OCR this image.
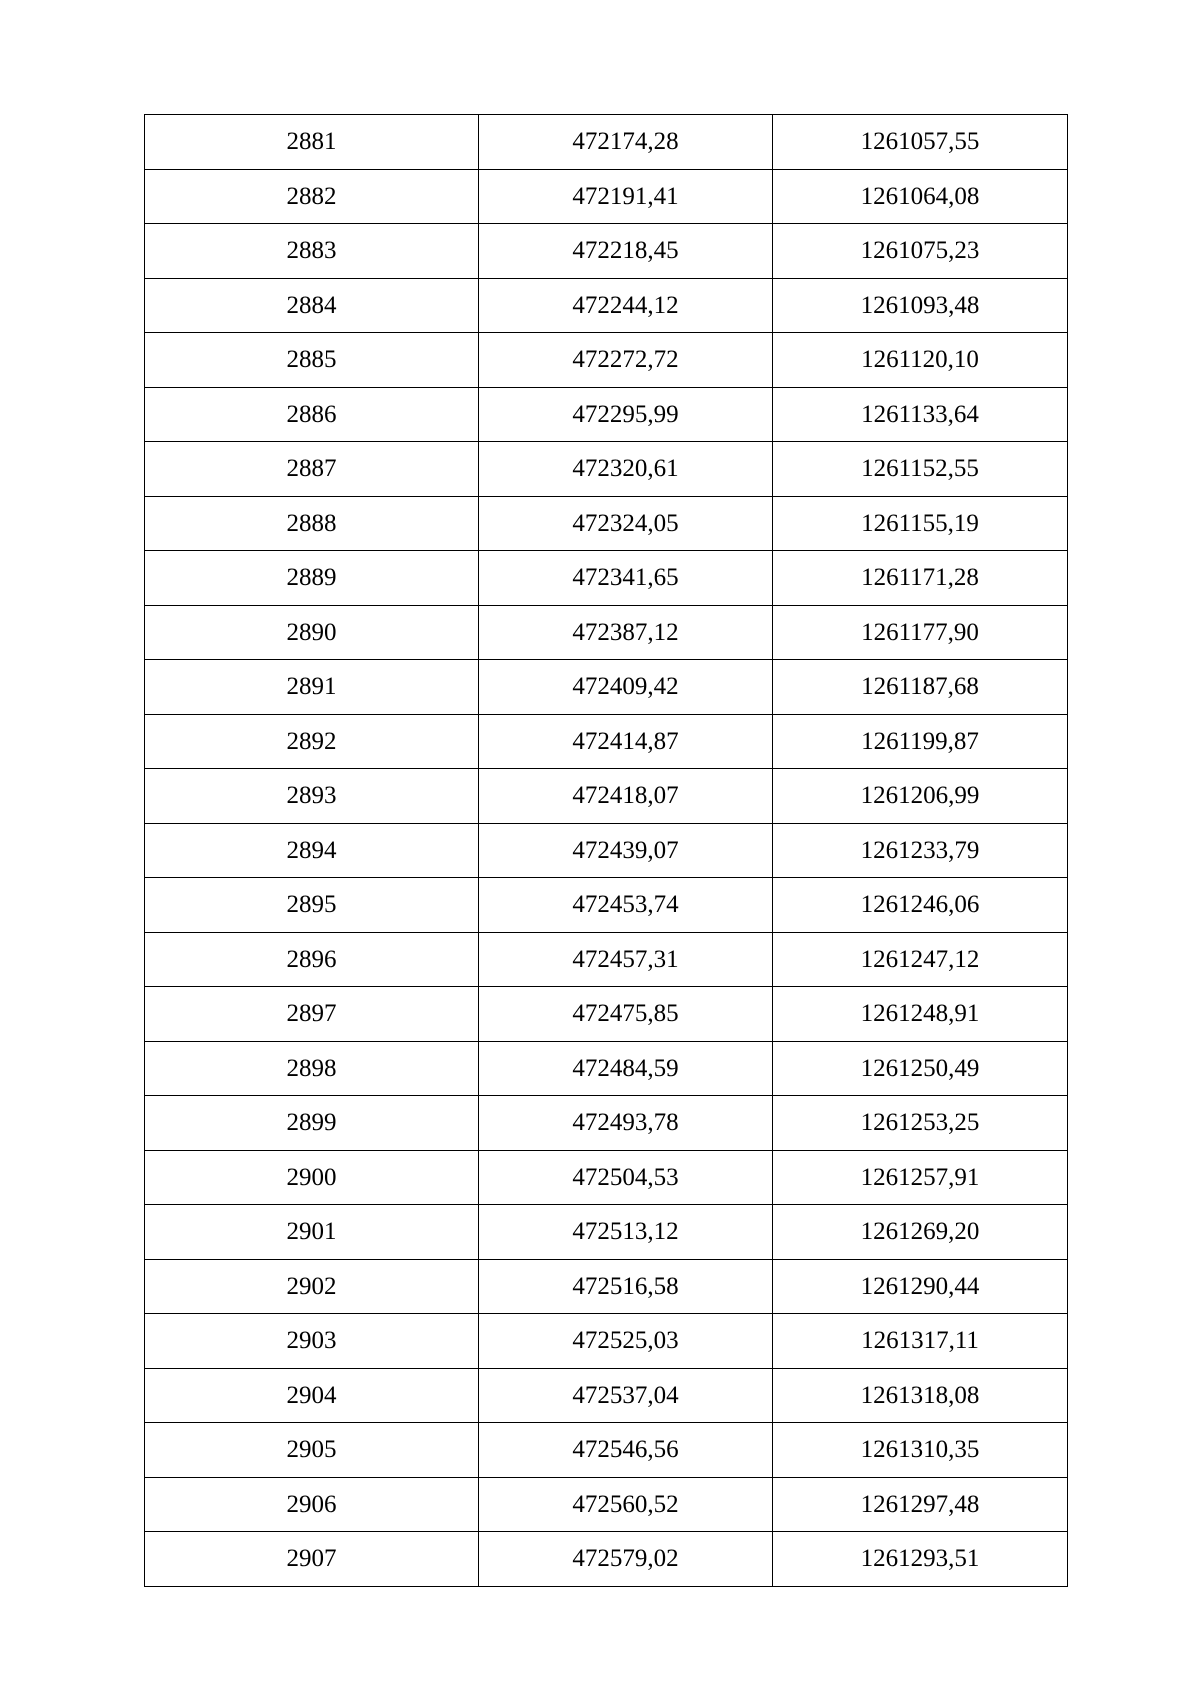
2881	472174,28	1261057,55
2882	472191,41	1261064,08
2883	472218,45	1261075,23
2884	472244,12	1261093,48
2885	472272,72	1261120,10
2886	472295,99	1261133,64
2887	472320,61	1261152,55
2888	472324,05	1261155,19
2889	472341,65	1261171,28
2890	472387,12	1261177,90
2891	472409,42	1261187,68
2892	472414,87	1261199,87
2893	472418,07	1261206,99
2894	472439,07	1261233,79
2895	472453,74	1261246,06
2896	472457,31	1261247,12
2897	472475,85	1261248,91
2898	472484,59	1261250,49
2899	472493,78	1261253,25
2900	472504,53	1261257,91
2901	472513,12	1261269,20
2902	472516,58	1261290,44
2903	472525,03	1261317,11
2904	472537,04	1261318,08
2905	472546,56	1261310,35
2906	472560,52	1261297,48
2907	472579,02	1261293,51
